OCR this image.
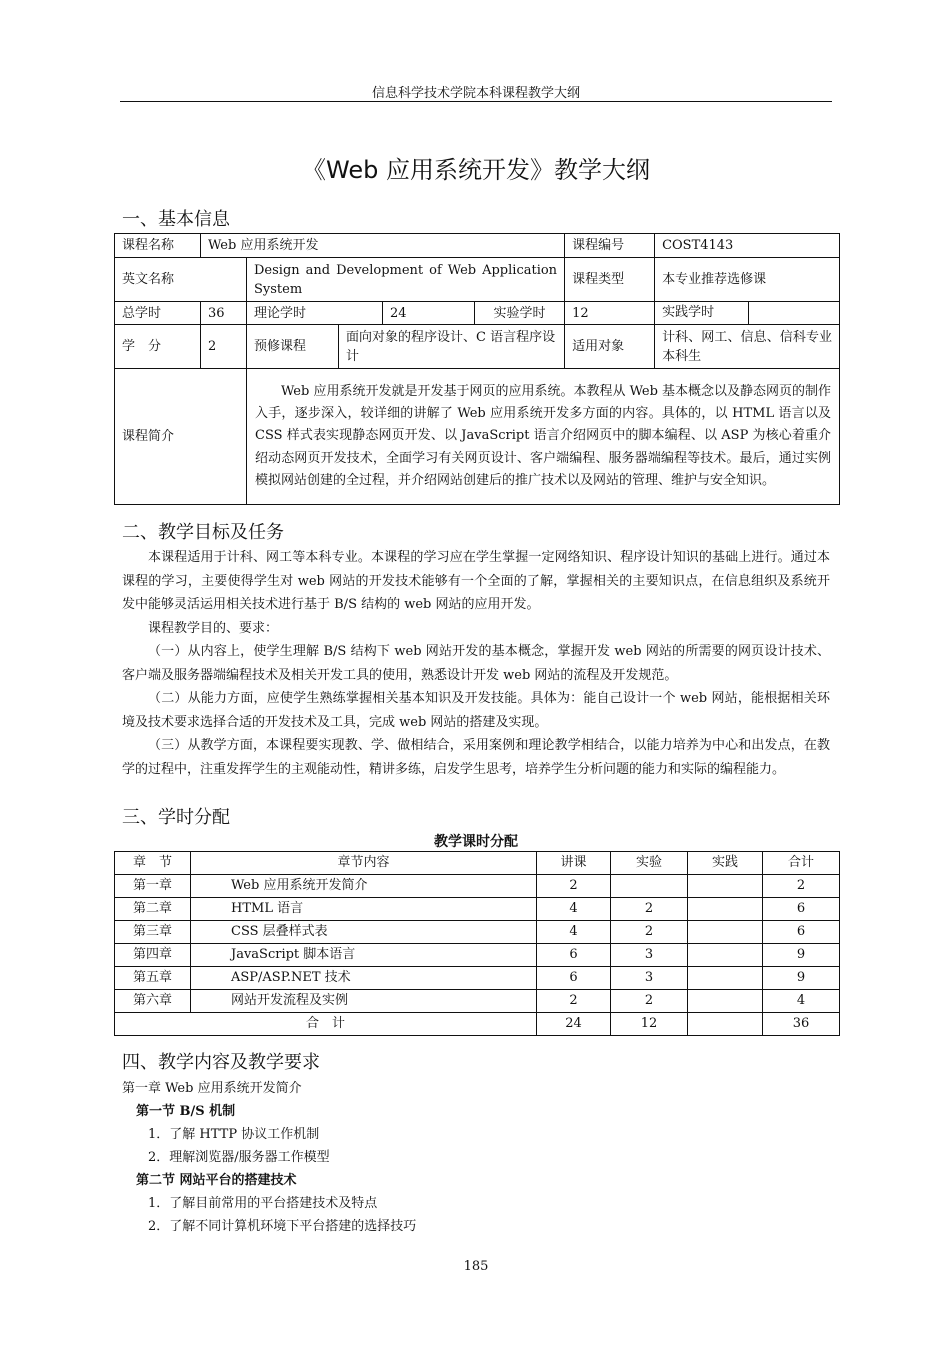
信息科学技术学院本科课程教学大纲
《Web 应用系统开发》教学大纲
一、基本信息
课程名称	Web 应用系统开发					课程编号	COST4143
英文名称		Design and Development of Web Application System				课程类型	本专业推荐选修课
总学时	36	理论学时		24	实验学时	12	实践学时

学　分	2	预修课程	面向对象的程序设计、C 语言程序设计			适用对象	计科、网工、信息、信科专业本科生
课程简介		Web 应用系统开发就是开发基于网页的应用系统。本教程从 Web 基本概念以及静态网页的制作入手，逐步深入，较详细的讲解了 Web 应用系统开发多方面的内容。具体的，以 HTML 语言以及 CSS 样式表实现静态网页开发、以 JavaScript 语言介绍网页中的脚本编程、以 ASP 为核心着重介绍动态网页开发技术，全面学习有关网页设计、客户端编程、服务器端编程等技术。最后，通过实例模拟网站创建的全过程，并介绍网站创建后的推广技术以及网站的管理、维护与安全知识。					
二、教学目标及任务

本课程适用于计科、网工等本科专业。本课程的学习应在学生掌握一定网络知识、程序设计知识的基础上进行。通过本课程的学习，主要使得学生对 web 网站的开发技术能够有一个全面的了解，掌握相关的主要知识点，在信息组织及系统开发中能够灵活运用相关技术进行基于 B/S 结构的 web 网站的应用开发。

课程教学目的、要求：

（一）从内容上，使学生理解 B/S 结构下 web 网站开发的基本概念，掌握开发 web 网站的所需要的网页设计技术、客户端及服务器端编程技术及相关开发工具的使用，熟悉设计开发 web 网站的流程及开发规范。

（二）从能力方面，应使学生熟练掌握相关基本知识及开发技能。具体为：能自己设计一个 web 网站，能根据相关环境及技术要求选择合适的开发技术及工具，完成 web 网站的搭建及实现。

（三）从教学方面，本课程要实现教、学、做相结合，采用案例和理论教学相结合，以能力培养为中心和出发点，在教学的过程中，注重发挥学生的主观能动性，精讲多练，启发学生思考，培养学生分析问题的能力和实际的编程能力。

三、学时分配
教学课时分配
章　节	章节内容	讲课	实验	实践	合计
第一章	Web 应用系统开发简介	2			2
第二章	HTML 语言	4	2		6
第三章	CSS 层叠样式表	4	2		6
第四章	JavaScript 脚本语言	6	3		9
第五章	ASP/ASP.NET 技术	6	3		9
第六章	网站开发流程及实例	2	2		4
合　计		24	12		36
四、教学内容及教学要求
第一章 Web 应用系统开发简介
第一节 B/S 机制
1．了解 HTTP 协议工作机制
2．理解浏览器/服务器工作模型
第二节 网站平台的搭建技术
1．了解目前常用的平台搭建技术及特点
2．了解不同计算机环境下平台搭建的选择技巧
185
